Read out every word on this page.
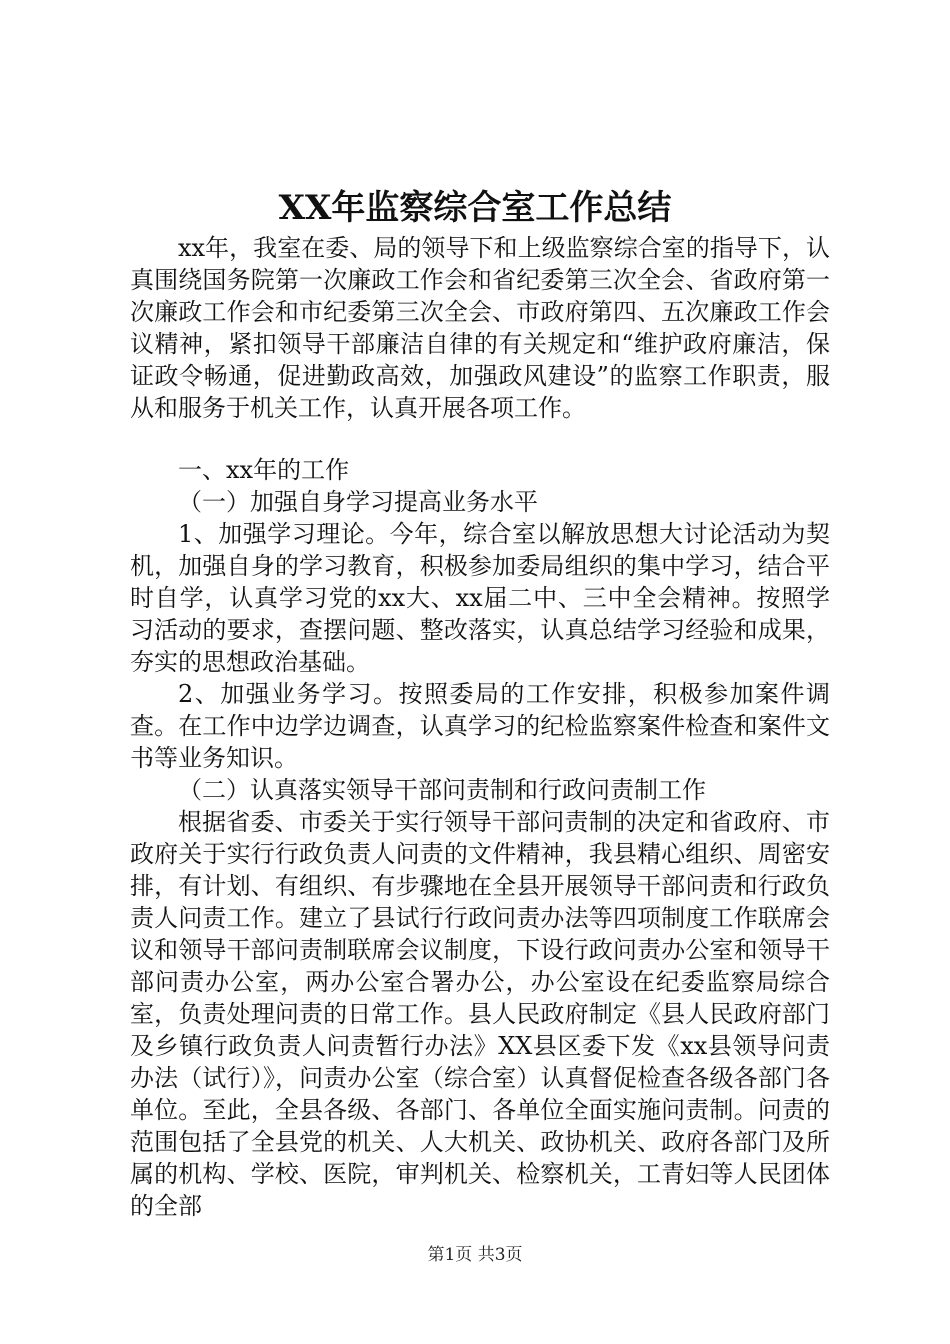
XX年监察综合室工作总结

xx年，我室在委、局的领导下和上级监察综合室的指导下，认真围绕国务院第一次廉政工作会和省纪委第三次全会、省政府第一次廉政工作会和市纪委第三次全会、市政府第四、五次廉政工作会议精神，紧扣领导干部廉洁自律的有关规定和“维护政府廉洁，保证政令畅通，促进勤政高效，加强政风建设”的监察工作职责，服从和服务于机关工作，认真开展各项工作。

一、xx年的工作

（一）加强自身学习提高业务水平

1、加强学习理论。今年，综合室以解放思想大讨论活动为契机，加强自身的学习教育，积极参加委局组织的集中学习，结合平时自学，认真学习党的xx大、xx届二中、三中全会精神。按照学习活动的要求，查摆问题、整改落实，认真总结学习经验和成果，夯实的思想政治基础。

2、加强业务学习。按照委局的工作安排，积极参加案件调查。在工作中边学边调查，认真学习的纪检监察案件检查和案件文书等业务知识。

（二）认真落实领导干部问责制和行政问责制工作

根据省委、市委关于实行领导干部问责制的决定和省政府、市政府关于实行行政负责人问责的文件精神，我县精心组织、周密安排，有计划、有组织、有步骤地在全县开展领导干部问责和行政负责人问责工作。建立了县试行行政问责办法等四项制度工作联席会议和领导干部问责制联席会议制度，下设行政问责办公室和领导干部问责办公室，两办公室合署办公，办公室设在纪委监察局综合室，负责处理问责的日常工作。县人民政府制定《县人民政府部门及乡镇行政负责人问责暂行办法》XX县区委下发《xx县领导问责办法（试行）》，问责办公室（综合室）认真督促检查各级各部门各单位。至此，全县各级、各部门、各单位全面实施问责制。问责的范围包括了全县党的机关、人大机关、政协机关、政府各部门及所属的机构、学校、医院，审判机关、检察机关，工青妇等人民团体的全部

第1页 共3页
